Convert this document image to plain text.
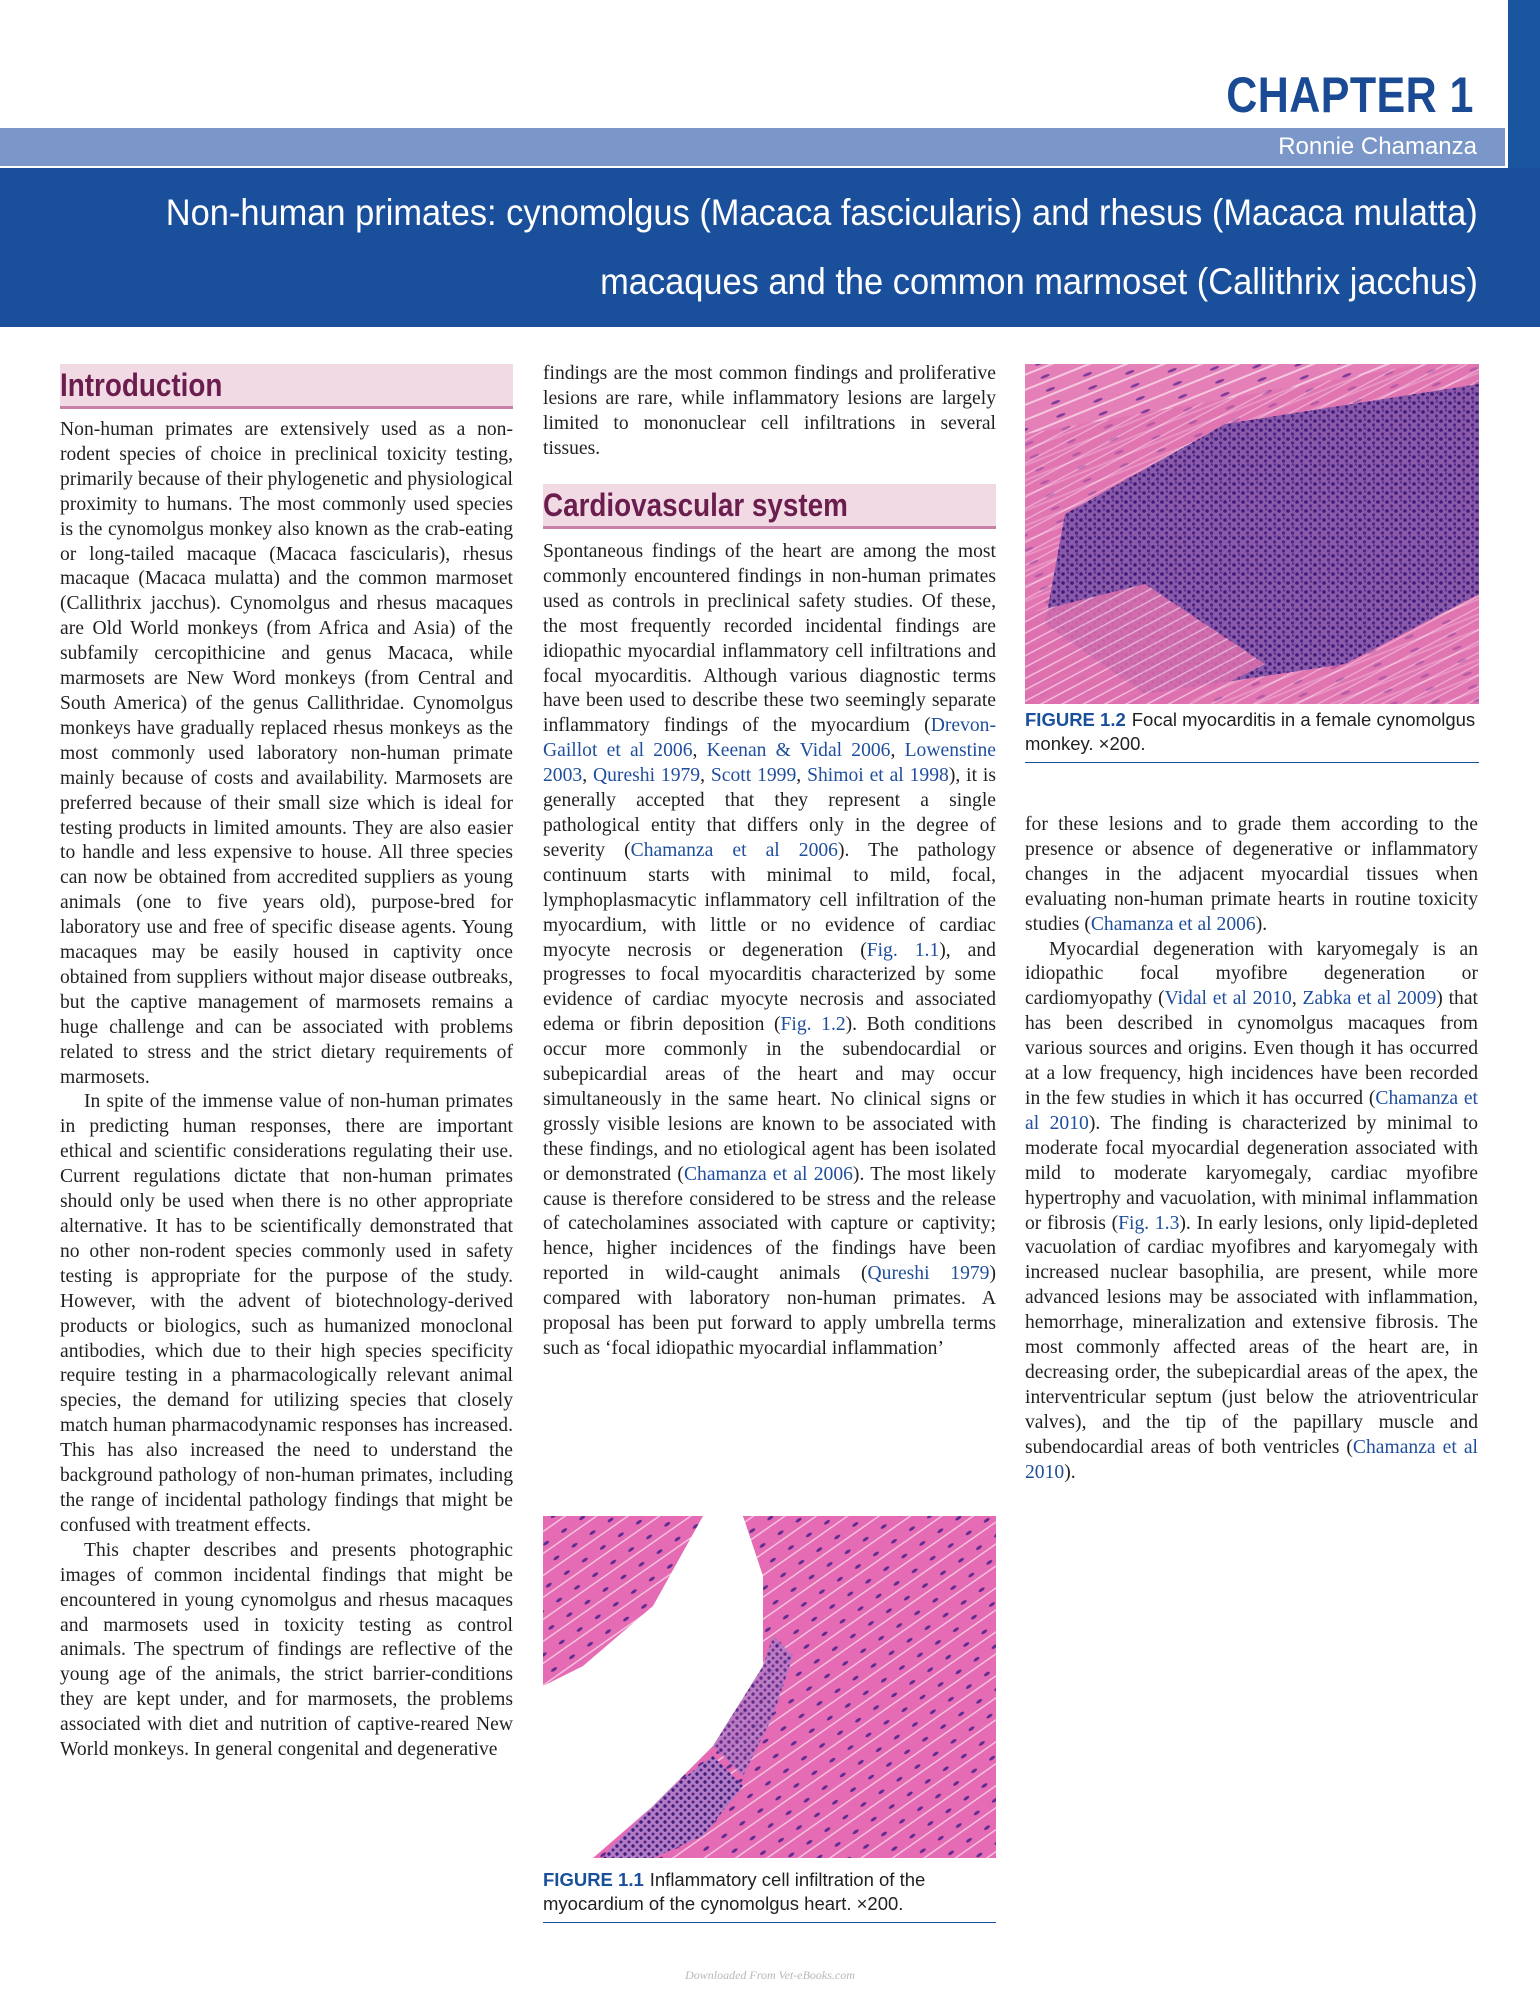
CHAPTER 1
Ronnie Chamanza
Non-human primates: cynomolgus (Macaca fascicularis) and rhesus (Macaca mulatta)
macaques and the common marmoset (Callithrix jacchus)
Introduction

Non-human primates are extensively used as a non-rodent species of choice in preclinical toxicity testing, primarily because of their phylogenetic and physiological proximity to humans. The most commonly used species is the cynomolgus monkey also known as the crab-eating or long-tailed macaque (Macaca fascicularis), rhesus macaque (Macaca mulatta) and the common marmoset (Callithrix jacchus). Cynomolgus and rhesus macaques are Old World monkeys (from Africa and Asia) of the subfamily cercopithicine and genus Macaca, while marmosets are New Word monkeys (from Central and South America) of the genus Callithridae. Cynomolgus monkeys have gradually replaced rhesus monkeys as the most commonly used laboratory non-human primate mainly because of costs and availability. Marmosets are preferred because of their small size which is ideal for testing products in limited amounts. They are also easier to handle and less expensive to house. All three species can now be obtained from accredited suppliers as young animals (one to five years old), purpose-bred for laboratory use and free of specific disease agents. Young macaques may be easily housed in captivity once obtained from suppliers without major disease outbreaks, but the captive management of marmosets remains a huge challenge and can be associated with problems related to stress and the strict dietary requirements of marmosets.

In spite of the immense value of non-human primates in predicting human responses, there are important ethical and scientific considerations regulating their use. Current regulations dictate that non-human primates should only be used when there is no other appropriate alternative. It has to be scientifically demonstrated that no other non-rodent species commonly used in safety testing is appropriate for the purpose of the study. However, with the advent of biotechnology-derived products or biologics, such as humanized monoclonal antibodies, which due to their high species specificity require testing in a pharmacologically relevant animal species, the demand for utilizing species that closely match human pharmacodynamic responses has increased. This has also increased the need to understand the background pathology of non-human primates, including the range of incidental pathology findings that might be confused with treatment effects.

This chapter describes and presents photographic images of common incidental findings that might be encountered in young cynomolgus and rhesus macaques and marmosets used in toxicity testing as control animals. The spectrum of findings are reflective of the young age of the animals, the strict barrier-conditions they are kept under, and for marmosets, the problems associated with diet and nutrition of captive-reared New World monkeys. In general congenital and degenerative

findings are the most common findings and proliferative lesions are rare, while inflammatory lesions are largely limited to mononuclear cell infiltrations in several tissues.

Cardiovascular system

Spontaneous findings of the heart are among the most commonly encountered findings in non-human primates used as controls in preclinical safety studies. Of these, the most frequently recorded incidental findings are idiopathic myocardial inflammatory cell infiltrations and focal myocarditis. Although various diagnostic terms have been used to describe these two seemingly separate inflammatory findings of the myocardium (Drevon-Gaillot et al 2006, Keenan & Vidal 2006, Lowenstine 2003, Qureshi 1979, Scott 1999, Shimoi et al 1998), it is generally accepted that they represent a single pathological entity that differs only in the degree of severity (Chamanza et al 2006). The pathology continuum starts with minimal to mild, focal, lymphoplasmacytic inflammatory cell infiltration of the myocardium, with little or no evidence of cardiac myocyte necrosis or degeneration (Fig. 1.1), and progresses to focal myocarditis characterized by some evidence of cardiac myocyte necrosis and associated edema or fibrin deposition (Fig. 1.2). Both conditions occur more commonly in the subendocardial or subepicardial areas of the heart and may occur simultaneously in the same heart. No clinical signs or grossly visible lesions are known to be associated with these findings, and no etiological agent has been isolated or demonstrated (Chamanza et al 2006). The most likely cause is therefore considered to be stress and the release of catecholamines associated with capture or captivity; hence, higher incidences of the findings have been reported in wild-caught animals (Qureshi 1979) compared with laboratory non-human primates. A proposal has been put forward to apply umbrella terms such as ‘focal idiopathic myocardial inflammation’

FIGURE 1.2 Focal myocarditis in a female cynomolgus monkey. ×200.

for these lesions and to grade them according to the presence or absence of degenerative or inflammatory changes in the adjacent myocardial tissues when evaluating non-human primate hearts in routine toxicity studies (Chamanza et al 2006).

Myocardial degeneration with karyomegaly is an idiopathic focal myofibre degeneration or cardiomyopathy (Vidal et al 2010, Zabka et al 2009) that has been described in cynomolgus macaques from various sources and origins. Even though it has occurred at a low frequency, high incidences have been recorded in the few studies in which it has occurred (Chamanza et al 2010). The finding is characterized by minimal to moderate focal myocardial degeneration associated with mild to moderate karyomegaly, cardiac myofibre hypertrophy and vacuolation, with minimal inflammation or fibrosis (Fig. 1.3). In early lesions, only lipid-depleted vacuolation of cardiac myofibres and karyomegaly with increased nuclear basophilia, are present, while more advanced lesions may be associated with inflammation, hemorrhage, mineralization and extensive fibrosis. The most commonly affected areas of the heart are, in decreasing order, the subepicardial areas of the apex, the interventricular septum (just below the atrioventricular valves), and the tip of the papillary muscle and subendocardial areas of both ventricles (Chamanza et al 2010).

FIGURE 1.1 Inflammatory cell infiltration of the myocardium of the cynomolgus heart. ×200.
Downloaded From Vet-eBooks.com
